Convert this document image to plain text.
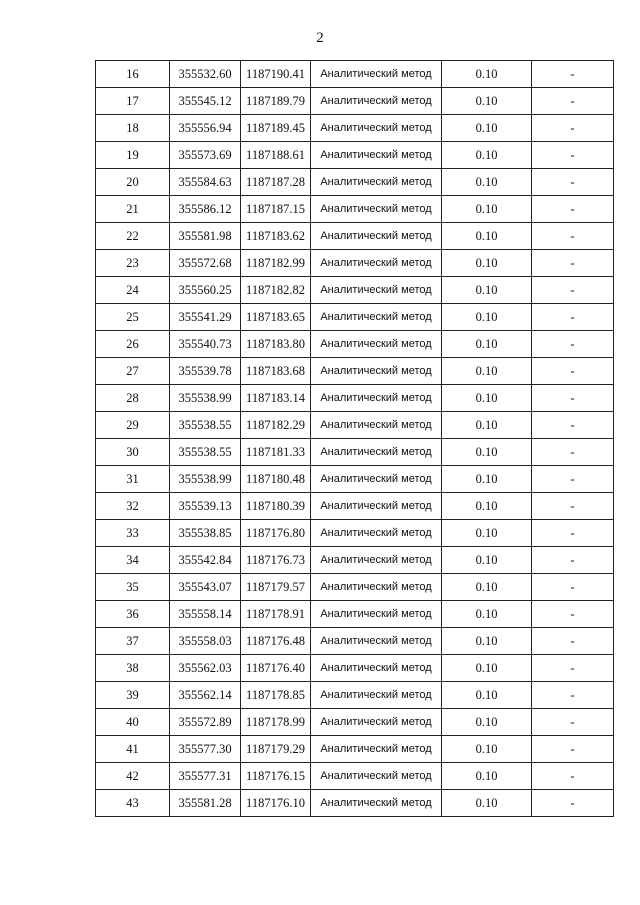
2
16	355532.60	1187190.41	Аналитический метод	0.10	-
17	355545.12	1187189.79	Аналитический метод	0.10	-
18	355556.94	1187189.45	Аналитический метод	0.10	-
19	355573.69	1187188.61	Аналитический метод	0.10	-
20	355584.63	1187187.28	Аналитический метод	0.10	-
21	355586.12	1187187.15	Аналитический метод	0.10	-
22	355581.98	1187183.62	Аналитический метод	0.10	-
23	355572.68	1187182.99	Аналитический метод	0.10	-
24	355560.25	1187182.82	Аналитический метод	0.10	-
25	355541.29	1187183.65	Аналитический метод	0.10	-
26	355540.73	1187183.80	Аналитический метод	0.10	-
27	355539.78	1187183.68	Аналитический метод	0.10	-
28	355538.99	1187183.14	Аналитический метод	0.10	-
29	355538.55	1187182.29	Аналитический метод	0.10	-
30	355538.55	1187181.33	Аналитический метод	0.10	-
31	355538.99	1187180.48	Аналитический метод	0.10	-
32	355539.13	1187180.39	Аналитический метод	0.10	-
33	355538.85	1187176.80	Аналитический метод	0.10	-
34	355542.84	1187176.73	Аналитический метод	0.10	-
35	355543.07	1187179.57	Аналитический метод	0.10	-
36	355558.14	1187178.91	Аналитический метод	0.10	-
37	355558.03	1187176.48	Аналитический метод	0.10	-
38	355562.03	1187176.40	Аналитический метод	0.10	-
39	355562.14	1187178.85	Аналитический метод	0.10	-
40	355572.89	1187178.99	Аналитический метод	0.10	-
41	355577.30	1187179.29	Аналитический метод	0.10	-
42	355577.31	1187176.15	Аналитический метод	0.10	-
43	355581.28	1187176.10	Аналитический метод	0.10	-
